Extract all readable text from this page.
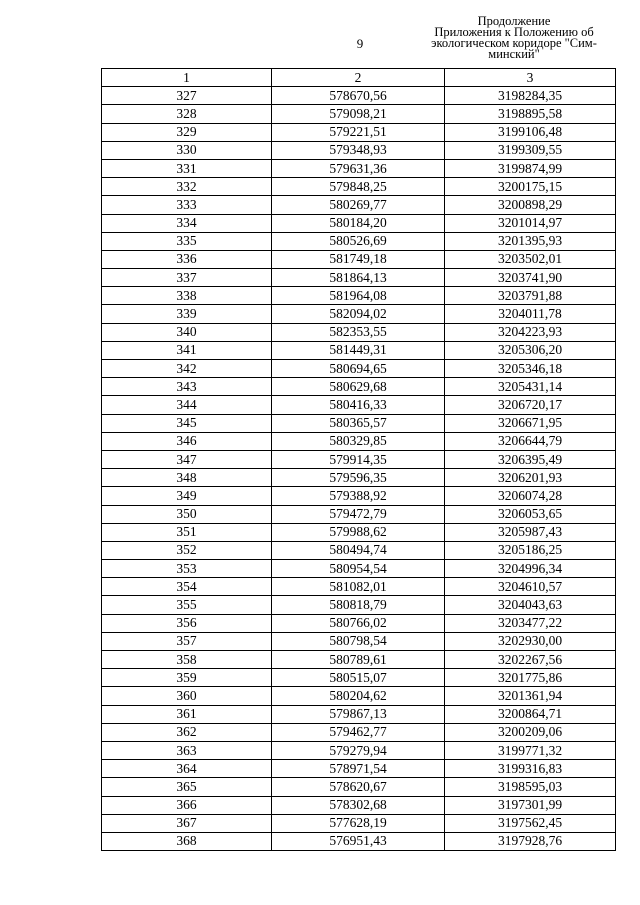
9
Продолжение
Приложения к Положению об
экологическом коридоре "Сим-
минский"
1	2	3
327	578670,56	3198284,35
328	579098,21	3198895,58
329	579221,51	3199106,48
330	579348,93	3199309,55
331	579631,36	3199874,99
332	579848,25	3200175,15
333	580269,77	3200898,29
334	580184,20	3201014,97
335	580526,69	3201395,93
336	581749,18	3203502,01
337	581864,13	3203741,90
338	581964,08	3203791,88
339	582094,02	3204011,78
340	582353,55	3204223,93
341	581449,31	3205306,20
342	580694,65	3205346,18
343	580629,68	3205431,14
344	580416,33	3206720,17
345	580365,57	3206671,95
346	580329,85	3206644,79
347	579914,35	3206395,49
348	579596,35	3206201,93
349	579388,92	3206074,28
350	579472,79	3206053,65
351	579988,62	3205987,43
352	580494,74	3205186,25
353	580954,54	3204996,34
354	581082,01	3204610,57
355	580818,79	3204043,63
356	580766,02	3203477,22
357	580798,54	3202930,00
358	580789,61	3202267,56
359	580515,07	3201775,86
360	580204,62	3201361,94
361	579867,13	3200864,71
362	579462,77	3200209,06
363	579279,94	3199771,32
364	578971,54	3199316,83
365	578620,67	3198595,03
366	578302,68	3197301,99
367	577628,19	3197562,45
368	576951,43	3197928,76
